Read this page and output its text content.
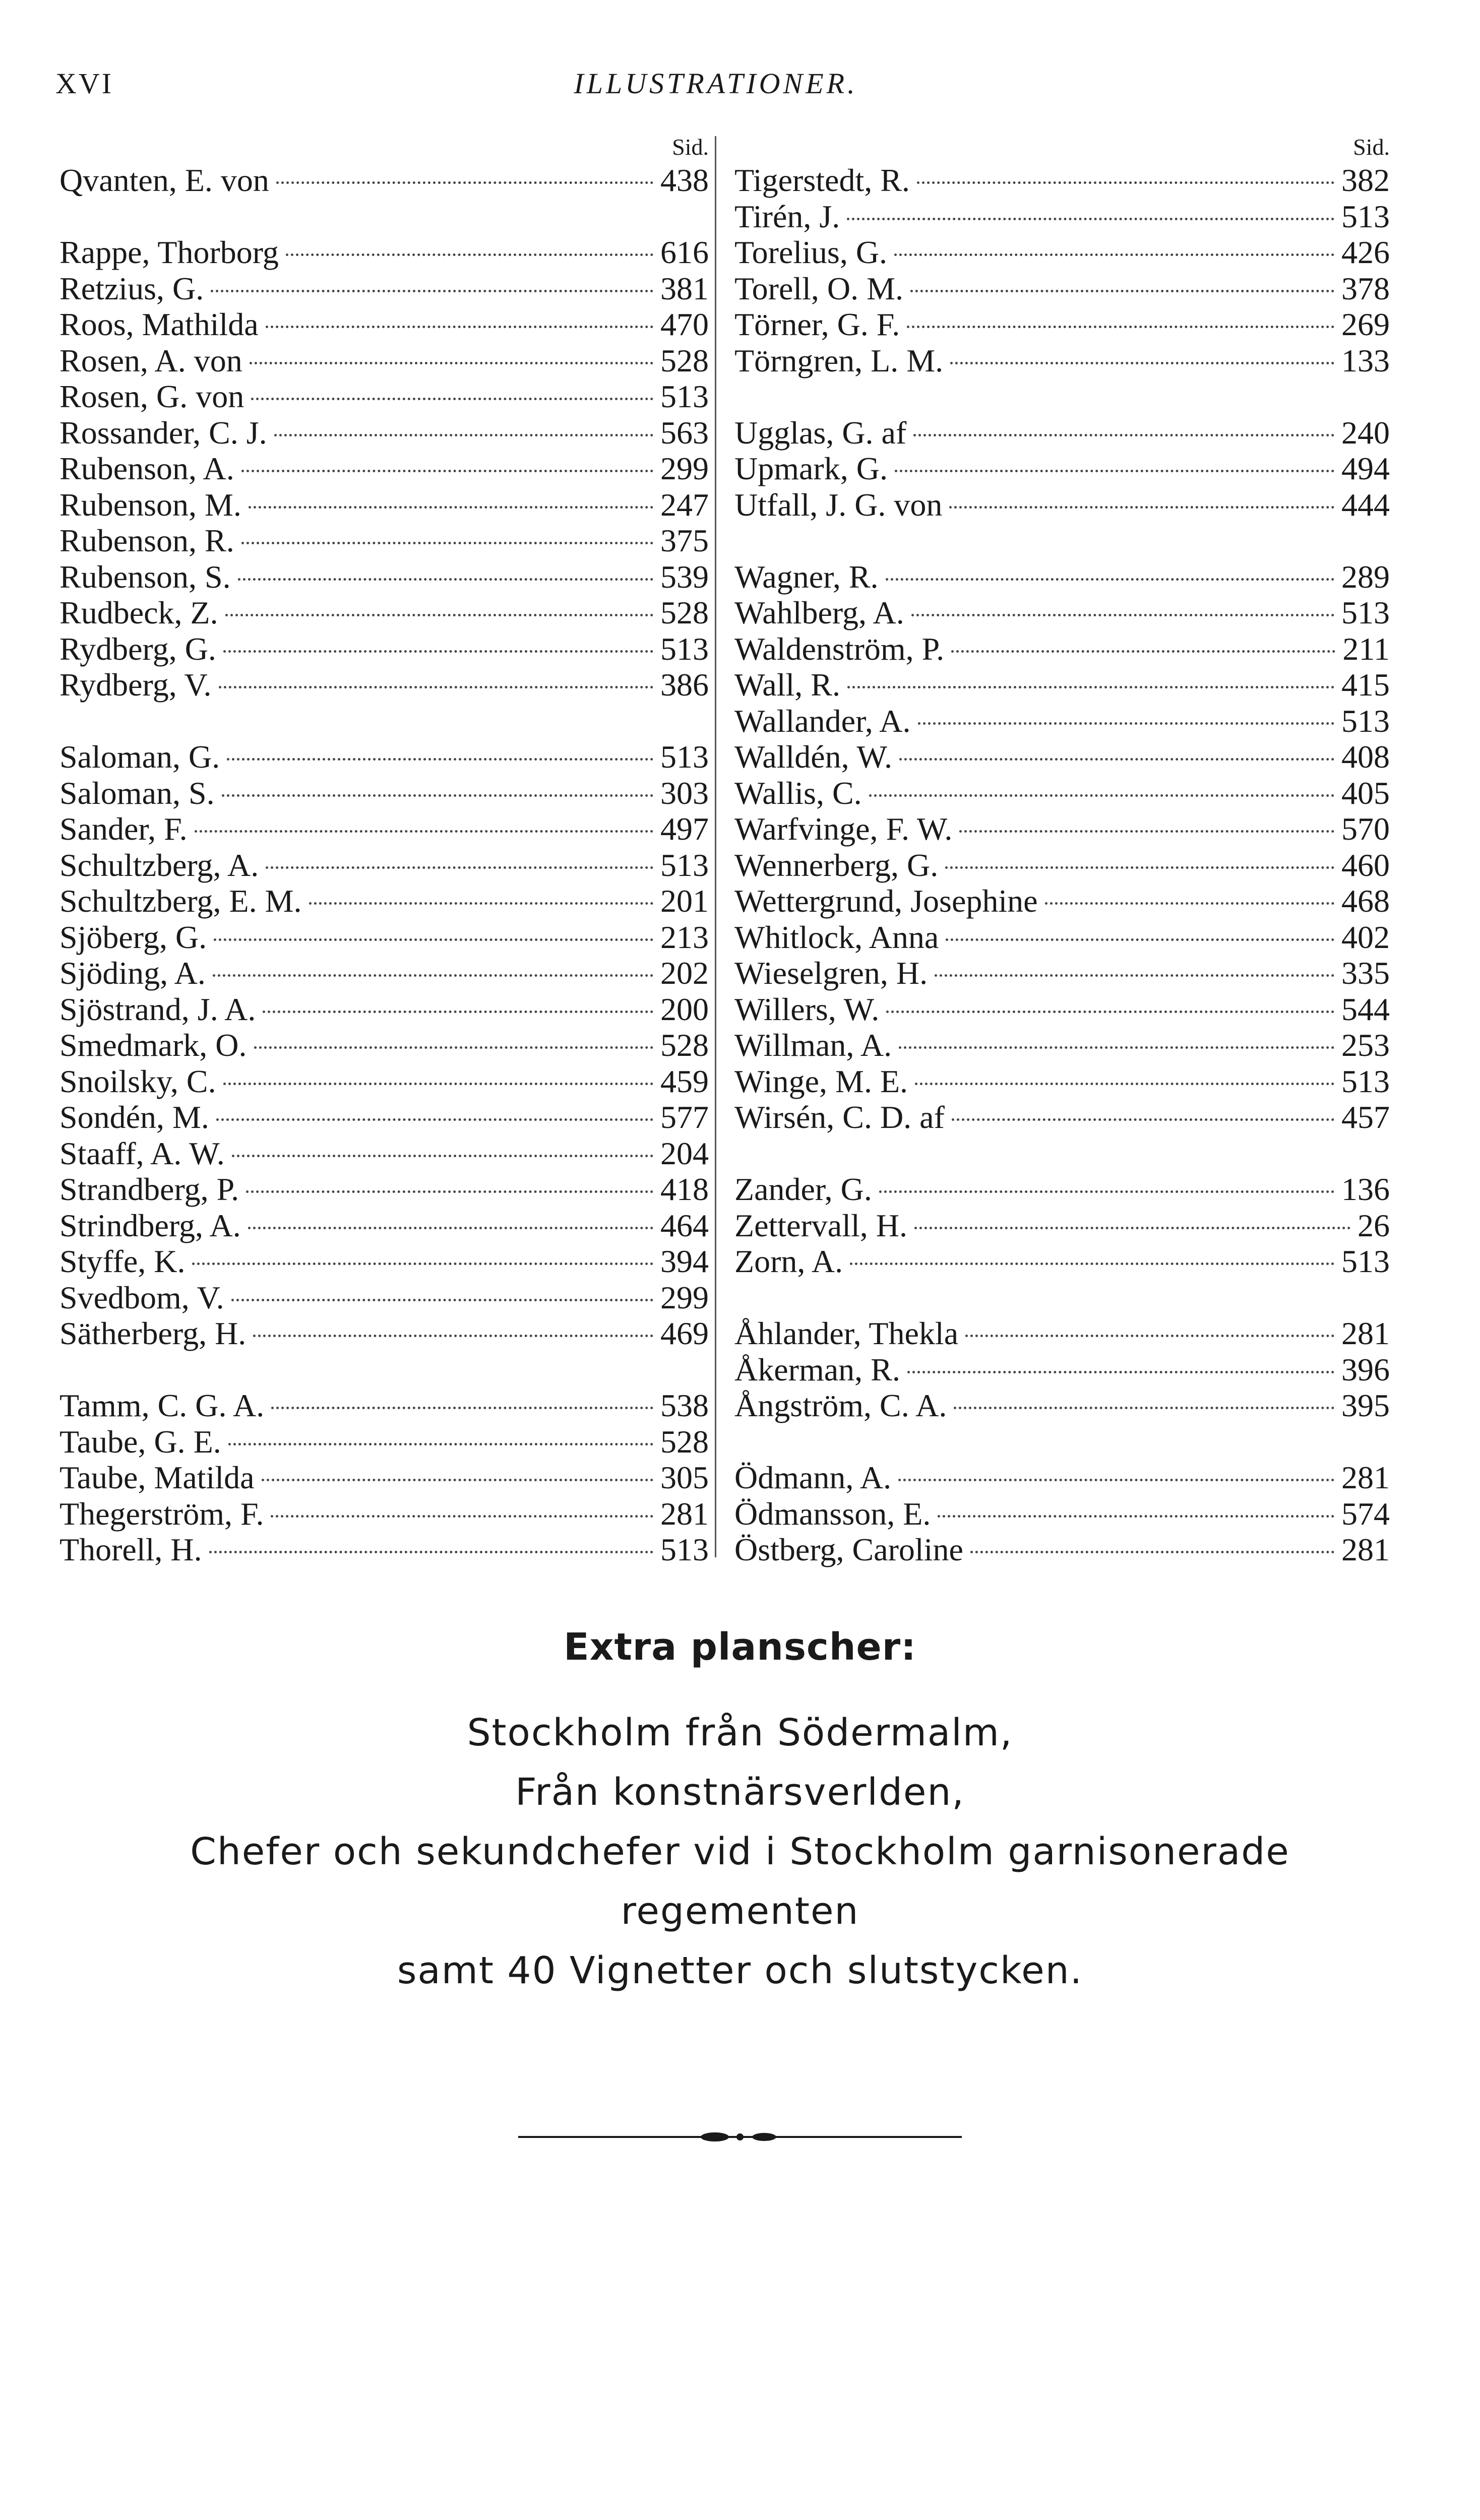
XVI	ILLUSTRATIONER.
Sid.
Qvanten, E. von	438
Rappe, Thorborg	616
Retzius, G.	381
Roos, Mathilda	470
Rosen, A. von	528
Rosen, G. von	513
Rossander, C. J.	563
Rubenson, A.	299
Rubenson, M.	247
Rubenson, R.	375
Rubenson, S.	539
Rudbeck, Z.	528
Rydberg, G.	513
Rydberg, V.	386
Saloman, G.	513
Saloman, S.	303
Sander, F.	497
Schultzberg, A.	513
Schultzberg, E. M.	201
Sjöberg, G.	213
Sjöding, A.	202
Sjöstrand, J. A.	200
Smedmark, O.	528
Snoilsky, C.	459
Sondén, M.	577
Staaff, A. W.	204
Strandberg, P.	418
Strindberg, A.	464
Styffe, K.	394
Svedbom, V.	299
Sätherberg, H.	469
Tamm, C. G. A.	538
Taube, G. E.	528
Taube, Matilda	305
Thegerström, F.	281
Thorell, H.	513
Sid.
Tigerstedt, R.	382
Tirén, J.	513
Torelius, G.	426
Torell, O. M.	378
Törner, G. F.	269
Törngren, L. M.	133
Ugglas, G. af	240
Upmark, G.	494
Utfall, J. G. von	444
Wagner, R.	289
Wahlberg, A.	513
Waldenström, P.	211
Wall, R.	415
Wallander, A.	513
Walldén, W.	408
Wallis, C.	405
Warfvinge, F. W.	570
Wennerberg, G.	460
Wettergrund, Josephine	468
Whitlock, Anna	402
Wieselgren, H.	335
Willers, W.	544
Willman, A.	253
Winge, M. E.	513
Wirsén, C. D. af	457
Zander, G.	136
Zettervall, H.	26
Zorn, A.	513
Åhlander, Thekla	281
Åkerman, R.	396
Ångström, C. A.	395
Ödmann, A.	281
Ödmansson, E.	574
Östberg, Caroline	281

Extra planscher:

Stockholm från Södermalm,

Från konstnärsverlden,

Chefer och sekundchefer vid i Stockholm garnisonerade

regementen

samt 40 Vignetter och slutstycken.
